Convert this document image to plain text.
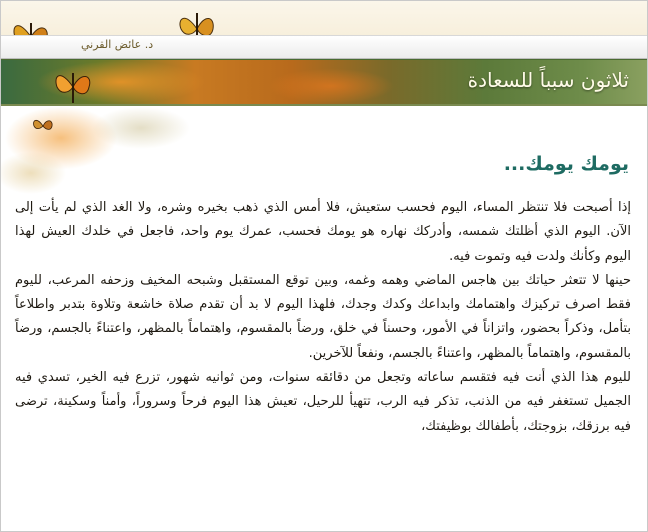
د. عائض القرني
ثلاثون سبباً للسعادة
يومك يومك...

إذا أصبحت فلا تنتظر المساء، اليوم فحسب ستعيش، فلا أمس الذي ذهب بخيره وشره، ولا الغد الذي لم يأت إلى الآن. اليوم الذي أظلتك شمسه، وأدركك نهاره هو يومك فحسب، عمرك يوم واحد، فاجعل في خلدك العيش لهذا اليوم وكأنك ولدت فيه وتموت فيه.

حينها لا تتعثر حياتك بين هاجس الماضي وهمه وغمه، وبين توقع المستقبل وشبحه المخيف وزحفه المرعب، لليوم فقط اصرف تركيزك واهتمامك وابداعك وكدك وجدك، فلهذا اليوم لا بد أن تقدم صلاة خاشعة وتلاوة بتدبر واطلاعاً بتأمل، وذكراً بحضور، واتزاناً في الأمور، وحسناً في خلق، ورضاً بالمقسوم، واهتماماً بالمظهر، واعتناءً بالجسم، ورضاً بالمقسوم، واهتماماً بالمظهر، واعتناءً بالجسم، ونفعاً للآخرين.

لليوم هذا الذي أنت فيه فتقسم ساعاته وتجعل من دقائقه سنوات، ومن ثوانيه شهور، تزرع فيه الخير، تسدي فيه الجميل تستغفر فيه من الذنب، تذكر فيه الرب، تتهيأ للرحيل، تعيش هذا اليوم فرحاً وسروراً، وأمناً وسكينة، ترضى فيه برزقك، بزوجتك، بأطفالك بوظيفتك،
